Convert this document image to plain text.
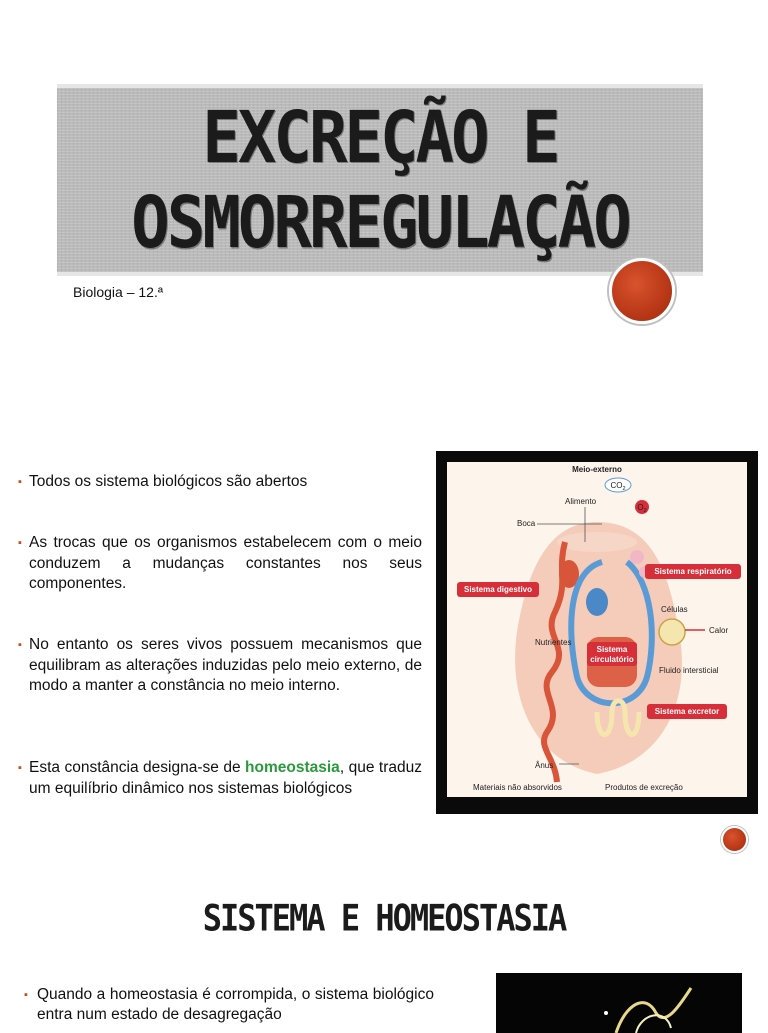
EXCREÇÃO E
OSMORREGULAÇÃO
Biologia – 12.ª
▪ Todos os sistema biológicos são abertos
▪ As trocas que os organismos estabelecem com o meio conduzem a mudanças constantes nos seus componentes.
▪ No entanto os seres vivos possuem mecanismos que equilibram as alterações induzidas pelo meio externo, de modo a manter a constância no meio interno.
▪ Esta constância designa-se de homeostasia, que traduz um equilíbrio dinâmico nos sistemas biológicos
Meio-externo
$CO_2$
$O_2$
Alimento
Boca
Sistema digestivo
Sistema respiratório
Células
Calor
Nutrientes
Sistema
circulatório
Fluido intersticial
Sistema excretor
Ânus
Materiais não absorvidos	Produtos de excreção
SISTEMA E HOMEOSTASIA
▪ Quando a homeostasia é corrompida, o sistema biológico entra num estado de desagregação
